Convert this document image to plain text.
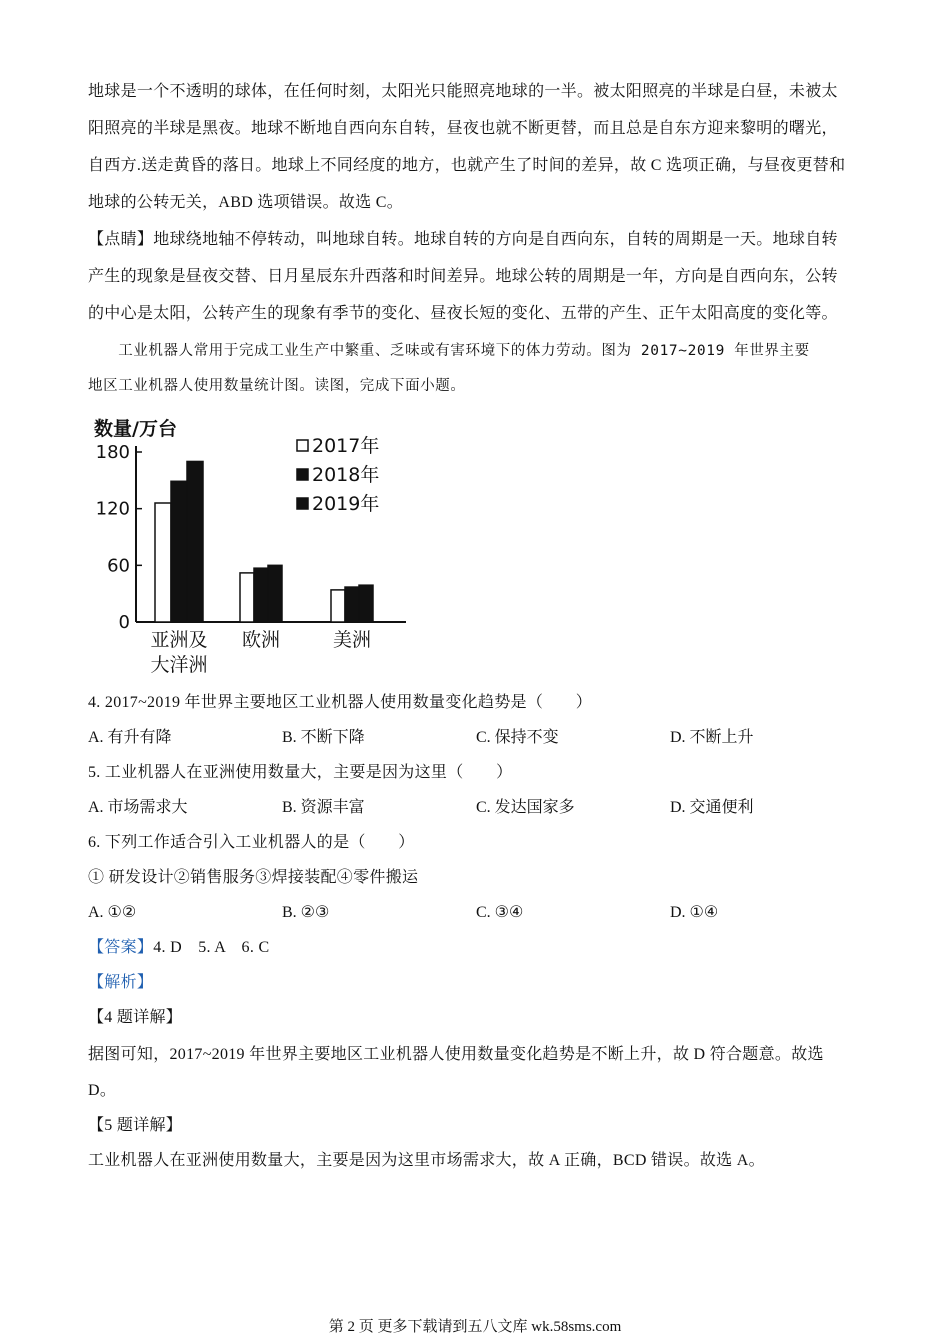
地球是一个不透明的球体，在任何时刻，太阳光只能照亮地球的一半。被太阳照亮的半球是白昼，未被太
阳照亮的半球是黑夜。地球不断地自西向东自转，昼夜也就不断更替，而且总是自东方迎来黎明的曙光，
自西方.送走黄昏的落日。地球上不同经度的地方，也就产生了时间的差异，故 C 选项正确，与昼夜更替和
地球的公转无关，ABD 选项错误。故选 C。
【点睛】地球绕地轴不停转动，叫地球自转。地球自转的方向是自西向东，自转的周期是一天。地球自转
产生的现象是昼夜交替、日月星辰东升西落和时间差异。地球公转的周期是一年，方向是自西向东，公转
的中心是太阳，公转产生的现象有季节的变化、昼夜长短的变化、五带的产生、正午太阳高度的变化等。
　　工业机器人常用于完成工业生产中繁重、乏味或有害环境下的体力劳动。图为 2017~2019 年世界主要
地区工业机器人使用数量统计图。读图，完成下面小题。
数量/万台
0
60
120
180
亚洲及
大洋洲
欧洲	美洲
2017年
2018年
2019年
4. 2017~2019 年世界主要地区工业机器人使用数量变化趋势是（　　）
A. 有升有降	B. 不断下降	C. 保持不变	D. 不断上升
5. 工业机器人在亚洲使用数量大，主要是因为这里（　　）
A. 市场需求大	B. 资源丰富	C. 发达国家多	D. 交通便利
6. 下列工作适合引入工业机器人的是（　　）
① 研发设计②销售服务③焊接装配④零件搬运
A. ①②	B. ②③	C. ③④	D. ①④
【答案】4. D　5. A　6. C
【解析】
【4 题详解】
据图可知，2017~2019 年世界主要地区工业机器人使用数量变化趋势是不断上升，故 D 符合题意。故选
D。
【5 题详解】
工业机器人在亚洲使用数量大，主要是因为这里市场需求大，故 A 正确，BCD 错误。故选 A。
第 2 页 更多下载请到五八文库 wk.58sms.com
